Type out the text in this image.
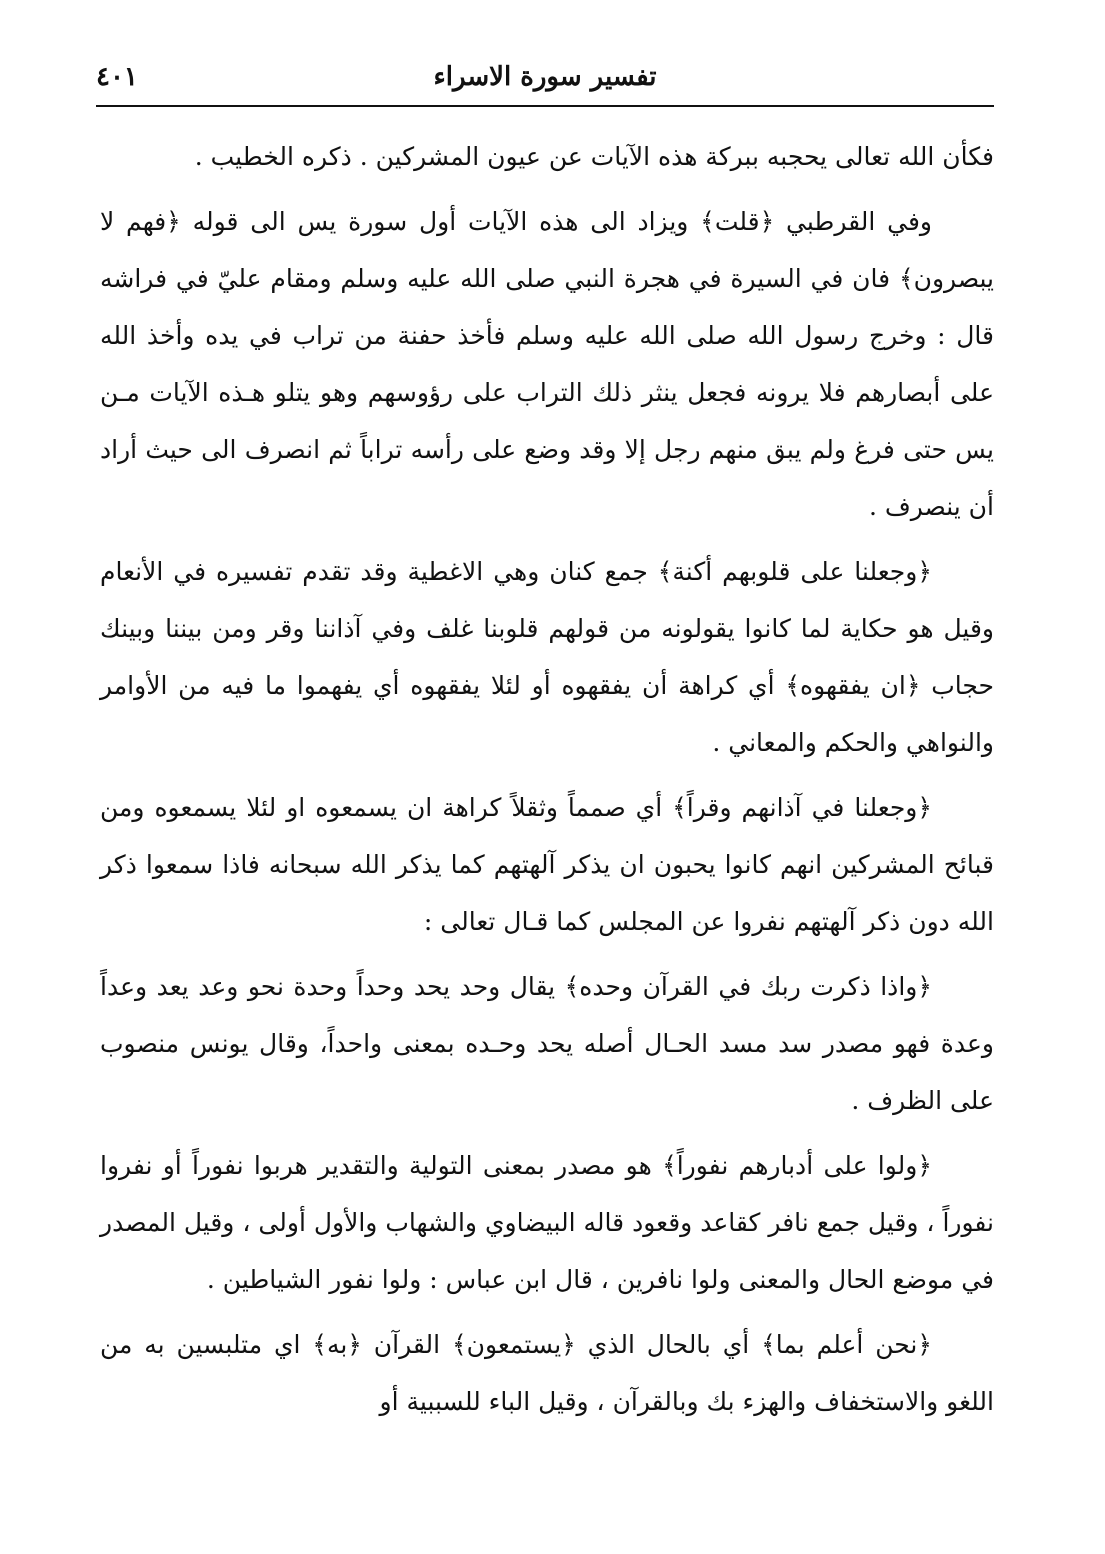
٤٠١	تفسير سورة الاسراء

فكأن الله تعالى يحجبه ببركة هذه الآيات عن عيون المشركين . ذكره الخطيب .

وفي القرطبي ﴿قلت﴾ ويزاد الى هذه الآيات أول سورة يس الى قوله ﴿فهم لا يبصرون﴾ فان في السيرة في هجرة النبي صلى الله عليه وسلم ومقام عليّ في فراشه قال : وخرج رسول الله صلى الله عليه وسلم فأخذ حفنة من تراب في يده وأخذ الله على أبصارهم فلا يرونه فجعل ينثر ذلك التراب على رؤوسهم وهو يتلو هـذه الآيات مـن يس حتى فرغ ولم يبق منهم رجل إلا وقد وضع على رأسه تراباً ثم انصرف الى حيث أراد أن ينصرف .

﴿وجعلنا على قلوبهم أكنة﴾ جمع كنان وهي الاغطية وقد تقدم تفسيره في الأنعام وقيل هو حكاية لما كانوا يقولونه من قولهم قلوبنا غلف وفي آذاننا وقر ومن بيننا وبينك حجاب ﴿ان يفقهوه﴾ أي كراهة أن يفقهوه أو لئلا يفقهوه أي يفهموا ما فيه من الأوامر والنواهي والحكم والمعاني .

﴿وجعلنا في آذانهم وقراً﴾ أي صمماً وثقلاً كراهة ان يسمعوه او لئلا يسمعوه ومن قبائح المشركين انهم كانوا يحبون ان يذكر آلهتهم كما يذكر الله سبحانه فاذا سمعوا ذكر الله دون ذكر آلهتهم نفروا عن المجلس كما قـال تعالى :

﴿واذا ذكرت ربك في القرآن وحده﴾ يقال وحد يحد وحداً وحدة نحو وعد يعد وعداً وعدة فهو مصدر سد مسد الحـال أصله يحد وحـده بمعنى واحداً، وقال يونس منصوب على الظرف .

﴿ولوا على أدبارهم نفوراً﴾ هو مصدر بمعنى التولية والتقدير هربوا نفوراً أو نفروا نفوراً ، وقيل جمع نافر كقاعد وقعود قاله البيضاوي والشهاب والأول أولى ، وقيل المصدر في موضع الحال والمعنى ولوا نافرين ، قال ابن عباس : ولوا نفور الشياطين .

﴿نحن أعلم بما﴾ أي بالحال الذي ﴿يستمعون﴾ القرآن ﴿به﴾ اي متلبسين به من اللغو والاستخفاف والهزء بك وبالقرآن ، وقيل الباء للسببية أو
